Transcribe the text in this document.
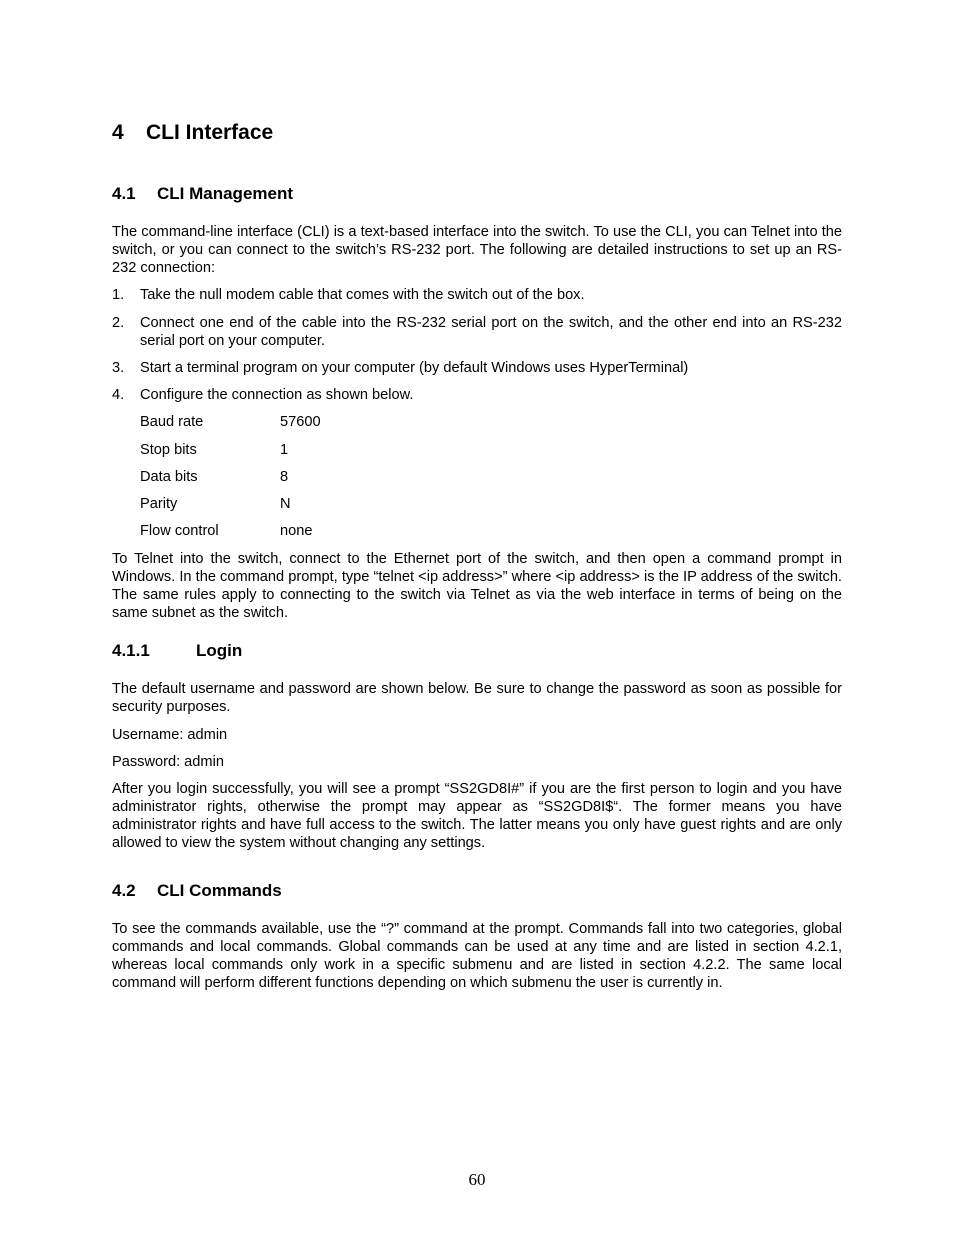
4 CLI Interface
4.1 CLI Management

The command-line interface (CLI) is a text-based interface into the switch. To use the CLI, you can Telnet into the switch, or you can connect to the switch’s RS-232 port. The following are detailed instructions to set up an RS-232 connection:

1. Take the null modem cable that comes with the switch out of the box.
2. Connect one end of the cable into the RS-232 serial port on the switch, and the other end into an RS-232 serial port on your computer.
3. Start a terminal program on your computer (by default Windows uses HyperTerminal)
4. Configure the connection as shown below.
Baud rate	57600
Stop bits	1
Data bits	8
Parity	N
Flow control	none

To Telnet into the switch, connect to the Ethernet port of the switch, and then open a command prompt in Windows. In the command prompt, type “telnet <ip address>” where <ip address> is the IP address of the switch. The same rules apply to connecting to the switch via Telnet as via the web interface in terms of being on the same subnet as the switch.

4.1.1	Login

The default username and password are shown below. Be sure to change the password as soon as possible for security purposes.

Username: admin

Password: admin

After you login successfully, you will see a prompt “SS2GD8I#” if you are the first person to login and you have administrator rights, otherwise the prompt may appear as “SS2GD8I$“. The former means you have administrator rights and have full access to the switch. The latter means you only have guest rights and are only allowed to view the system without changing any settings.

4.2 CLI Commands

To see the commands available, use the “?” command at the prompt. Commands fall into two categories, global commands and local commands. Global commands can be used at any time and are listed in section 4.2.1, whereas local commands only work in a specific submenu and are listed in section 4.2.2. The same local command will perform different functions depending on which submenu the user is currently in.

60
